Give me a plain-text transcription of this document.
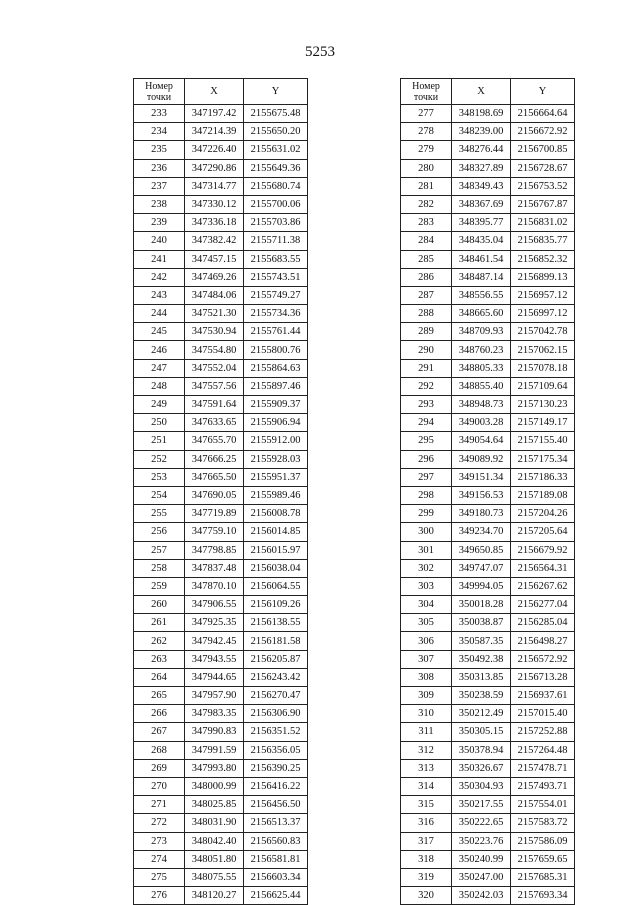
5253
Номер
точки	X	Y
233	347197.42	2155675.48
234	347214.39	2155650.20
235	347226.40	2155631.02
236	347290.86	2155649.36
237	347314.77	2155680.74
238	347330.12	2155700.06
239	347336.18	2155703.86
240	347382.42	2155711.38
241	347457.15	2155683.55
242	347469.26	2155743.51
243	347484.06	2155749.27
244	347521.30	2155734.36
245	347530.94	2155761.44
246	347554.80	2155800.76
247	347552.04	2155864.63
248	347557.56	2155897.46
249	347591.64	2155909.37
250	347633.65	2155906.94
251	347655.70	2155912.00
252	347666.25	2155928.03
253	347665.50	2155951.37
254	347690.05	2155989.46
255	347719.89	2156008.78
256	347759.10	2156014.85
257	347798.85	2156015.97
258	347837.48	2156038.04
259	347870.10	2156064.55
260	347906.55	2156109.26
261	347925.35	2156138.55
262	347942.45	2156181.58
263	347943.55	2156205.87
264	347944.65	2156243.42
265	347957.90	2156270.47
266	347983.35	2156306.90
267	347990.83	2156351.52
268	347991.59	2156356.05
269	347993.80	2156390.25
270	348000.99	2156416.22
271	348025.85	2156456.50
272	348031.90	2156513.37
273	348042.40	2156560.83
274	348051.80	2156581.81
275	348075.55	2156603.34
276	348120.27	2156625.44
Номер
точки	X	Y
277	348198.69	2156664.64
278	348239.00	2156672.92
279	348276.44	2156700.85
280	348327.89	2156728.67
281	348349.43	2156753.52
282	348367.69	2156767.87
283	348395.77	2156831.02
284	348435.04	2156835.77
285	348461.54	2156852.32
286	348487.14	2156899.13
287	348556.55	2156957.12
288	348665.60	2156997.12
289	348709.93	2157042.78
290	348760.23	2157062.15
291	348805.33	2157078.18
292	348855.40	2157109.64
293	348948.73	2157130.23
294	349003.28	2157149.17
295	349054.64	2157155.40
296	349089.92	2157175.34
297	349151.34	2157186.33
298	349156.53	2157189.08
299	349180.73	2157204.26
300	349234.70	2157205.64
301	349650.85	2156679.92
302	349747.07	2156564.31
303	349994.05	2156267.62
304	350018.28	2156277.04
305	350038.87	2156285.04
306	350587.35	2156498.27
307	350492.38	2156572.92
308	350313.85	2156713.28
309	350238.59	2156937.61
310	350212.49	2157015.40
311	350305.15	2157252.88
312	350378.94	2157264.48
313	350326.67	2157478.71
314	350304.93	2157493.71
315	350217.55	2157554.01
316	350222.65	2157583.72
317	350223.76	2157586.09
318	350240.99	2157659.65
319	350247.00	2157685.31
320	350242.03	2157693.34
